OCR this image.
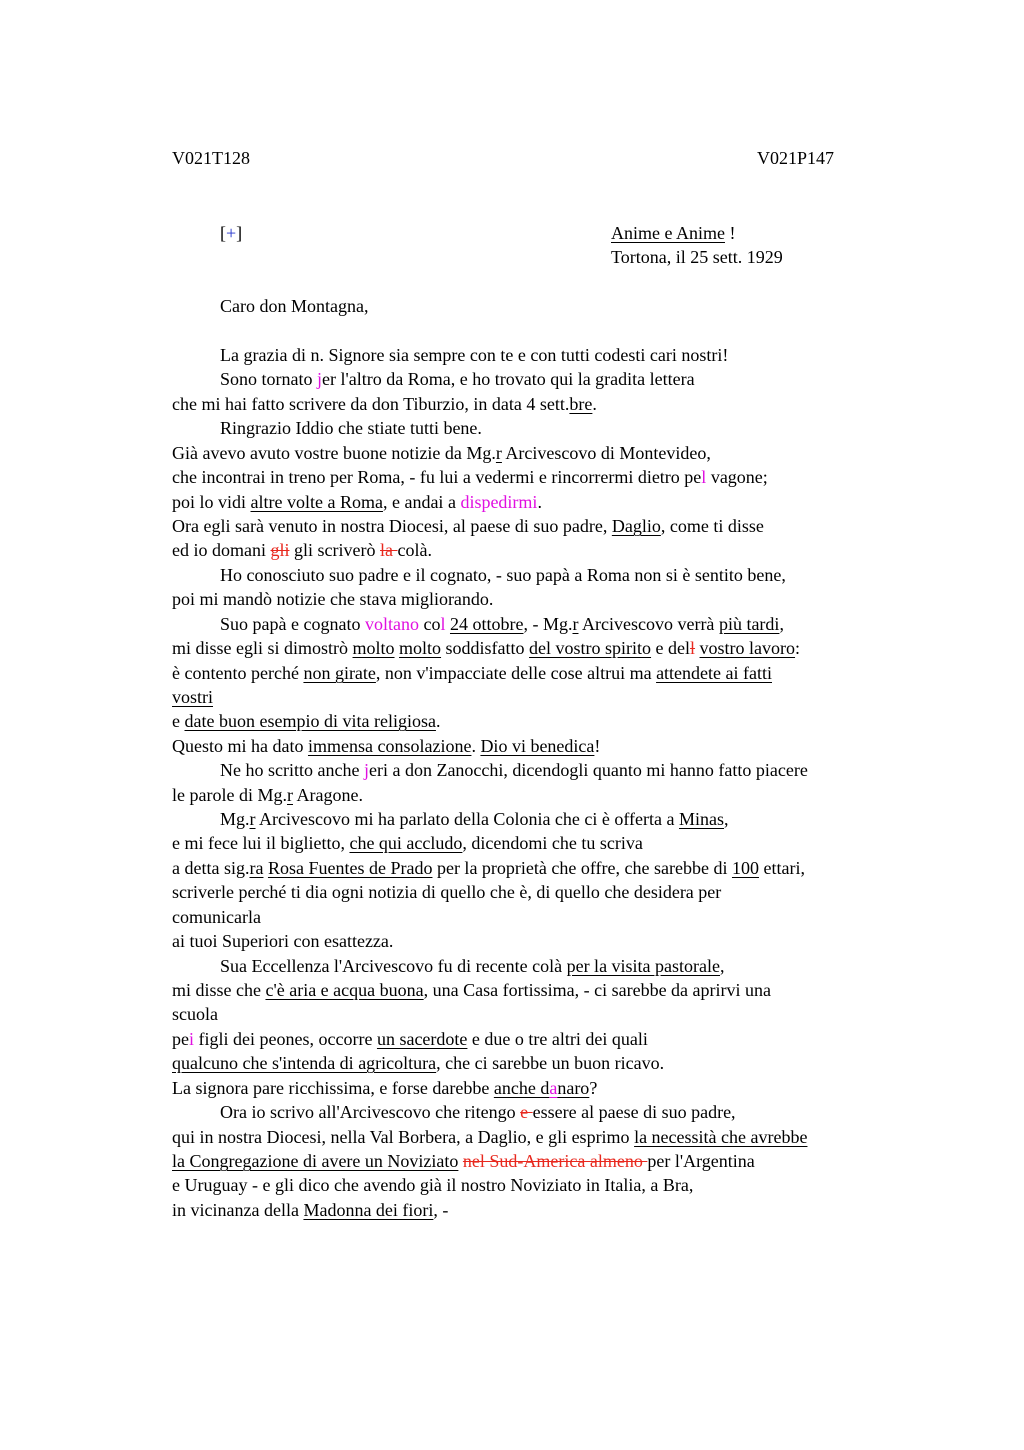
V021T128	V021P147
[+]	Anime e Anime !
Tortona, il 25 sett. 1929
Caro don Montagna,
La grazia di n. Signore sia sempre con te e con tutti codesti cari nostri!
Sono tornato jer l'altro da Roma, e ho trovato qui la gradita lettera
che mi hai fatto scrivere da don Tiburzio, in data 4 sett.bre.
Ringrazio Iddio che stiate tutti bene.
Già avevo avuto vostre buone notizie da Mg.r Arcivescovo di Montevideo,
che incontrai in treno per Roma, - fu lui a vedermi e rincorrermi dietro pel vagone;
poi lo vidi altre volte a Roma, e andai a dispedirmi.
Ora egli sarà venuto in nostra Diocesi, al paese di suo padre, Daglio, come ti disse
ed io domani gli gli scriverò la colà.
Ho conosciuto suo padre e il cognato, - suo papà a Roma non si è sentito bene,
poi mi mandò notizie che stava migliorando.
Suo papà e cognato voltano col 24 ottobre, - Mg.r Arcivescovo verrà più tardi,
mi disse egli si dimostrò molto molto soddisfatto del vostro spirito e dell vostro lavoro:
è contento perché non girate, non v'impacciate delle cose altrui ma attendete ai fatti
vostri
e date buon esempio di vita religiosa.
Questo mi ha dato immensa consolazione. Dio vi benedica!
Ne ho scritto anche jeri a don Zanocchi, dicendogli quanto mi hanno fatto piacere
le parole di Mg.r Aragone.
Mg.r Arcivescovo mi ha parlato della Colonia che ci è offerta a Minas,
e mi fece lui il biglietto, che qui accludo, dicendomi che tu scriva
a detta sig.ra Rosa Fuentes de Prado per la proprietà che offre, che sarebbe di 100 ettari,
scriverle perché ti dia ogni notizia di quello che è, di quello che desidera per
comunicarla
ai tuoi Superiori con esattezza.
Sua Eccellenza l'Arcivescovo fu di recente colà per la visita pastorale,
mi disse che c'è aria e acqua buona, una Casa fortissima, - ci sarebbe da aprirvi una
scuola
pei figli dei peones, occorre un sacerdote e due o tre altri dei quali
qualcuno che s'intenda di agricoltura, che ci sarebbe un buon ricavo.
La signora pare ricchissima, e forse darebbe anche danaro?
Ora io scrivo all'Arcivescovo che ritengo e essere al paese di suo padre,
qui in nostra Diocesi, nella Val Borbera, a Daglio, e gli esprimo la necessità che avrebbe
la Congregazione di avere un Noviziato nel Sud-America almeno per l'Argentina
e Uruguay - e gli dico che avendo già il nostro Noviziato in Italia, a Bra,
in vicinanza della Madonna dei fiori, -
